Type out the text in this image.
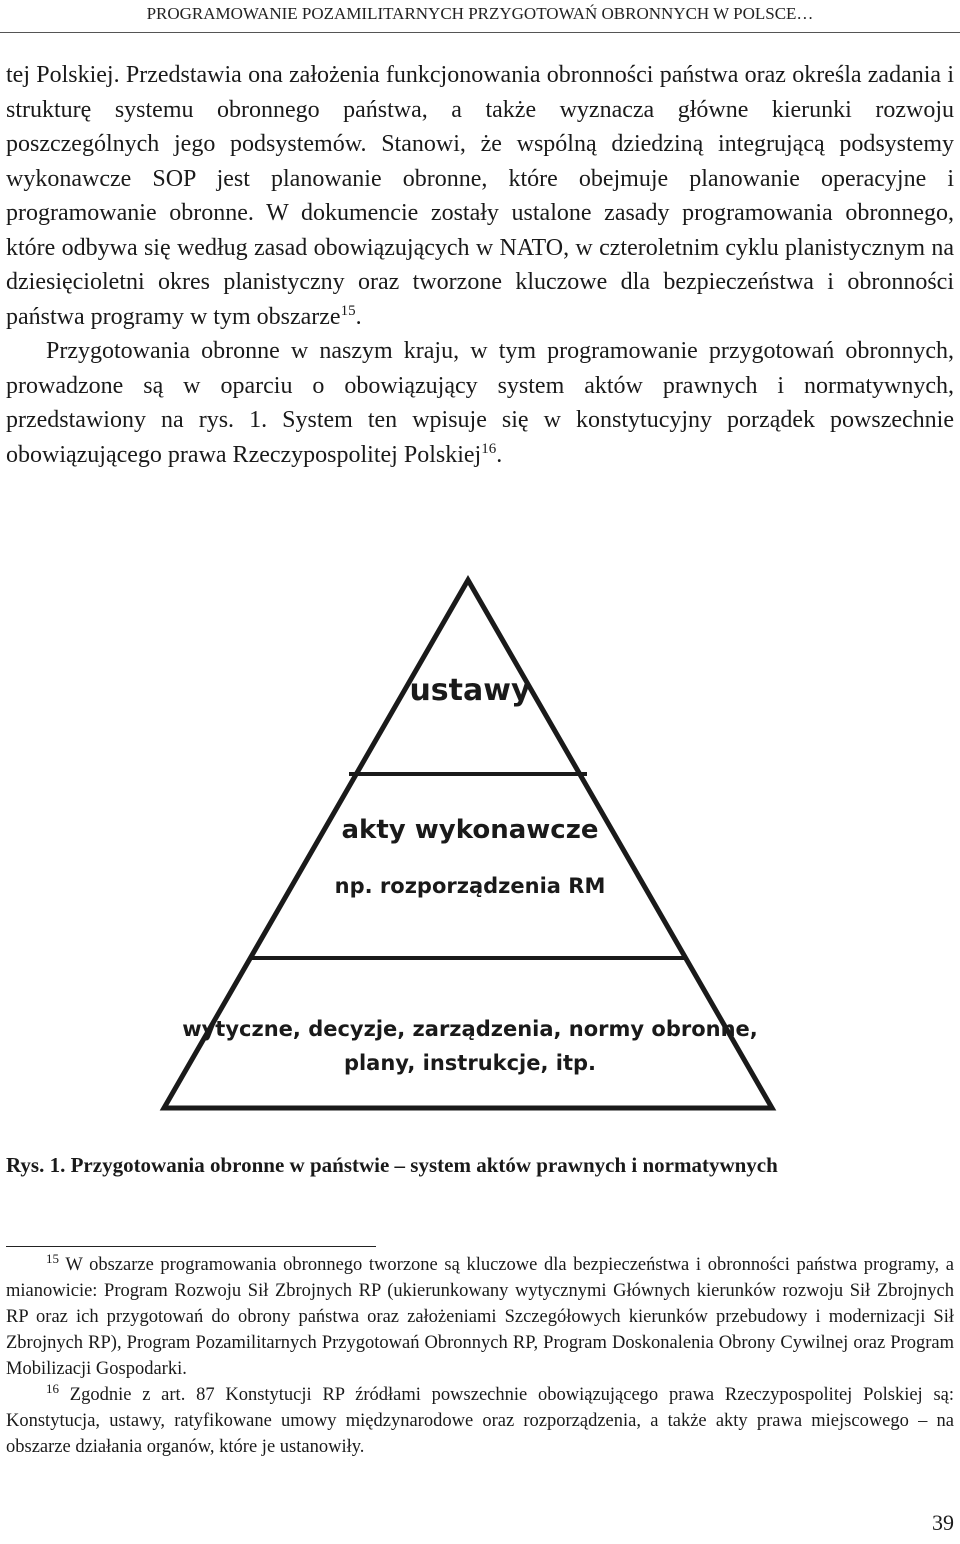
PROGRAMOWANIE POZAMILITARNYCH PRZYGOTOWAŃ OBRONNYCH W POLSCE…

tej Polskiej. Przedstawia ona założenia funkcjonowania obronności państwa oraz określa zadania i strukturę systemu obronnego państwa, a także wyznacza główne kierunki rozwoju poszczególnych jego podsystemów. Stanowi, że wspólną dziedziną integrującą podsystemy wykonawcze SOP jest planowanie obronne, które obejmuje planowanie operacyjne i programowanie obronne. W dokumencie zostały ustalone zasady programowania obronnego, które odbywa się według zasad obowiązujących w NATO, w czteroletnim cyklu planistycznym na dziesięcioletni okres planistyczny oraz tworzone kluczowe dla bezpieczeństwa i obronności państwa programy w tym obszarze$^{15}$.

Przygotowania obronne w naszym kraju, w tym programowanie przygotowań obronnych, prowadzone są w oparciu o obowiązujący system aktów prawnych i normatywnych, przedstawiony na rys. 1. System ten wpisuje się w konstytucyjny porządek powszechnie obowiązującego prawa Rzeczypospolitej Polskiej$^{16}$.

ustawy
akty wykonawcze
np. rozporządzenia RM
wytyczne, decyzje, zarządzenia, normy obronne,
plany, instrukcje, itp.
Rys. 1. Przygotowania obronne w państwie – system aktów prawnych i normatywnych

$^{15}$ W obszarze programowania obronnego tworzone są kluczowe dla bezpieczeństwa i obronności państwa programy, a mianowicie: Program Rozwoju Sił Zbrojnych RP (ukierunkowany wytycznymi Głównych kierunków rozwoju Sił Zbrojnych RP oraz ich przygotowań do obrony państwa oraz założeniami Szczegółowych kierunków przebudowy i modernizacji Sił Zbrojnych RP), Program Pozamilitarnych Przygotowań Obronnych RP, Program Doskonalenia Obrony Cywilnej oraz Program Mobilizacji Gospodarki.

$^{16}$ Zgodnie z art. 87 Konstytucji RP źródłami powszechnie obowiązującego prawa Rzeczypospolitej Polskiej są: Konstytucja, ustawy, ratyfikowane umowy międzynarodowe oraz rozporządzenia, a także akty prawa miejscowego – na obszarze działania organów, które je ustanowiły.

39
